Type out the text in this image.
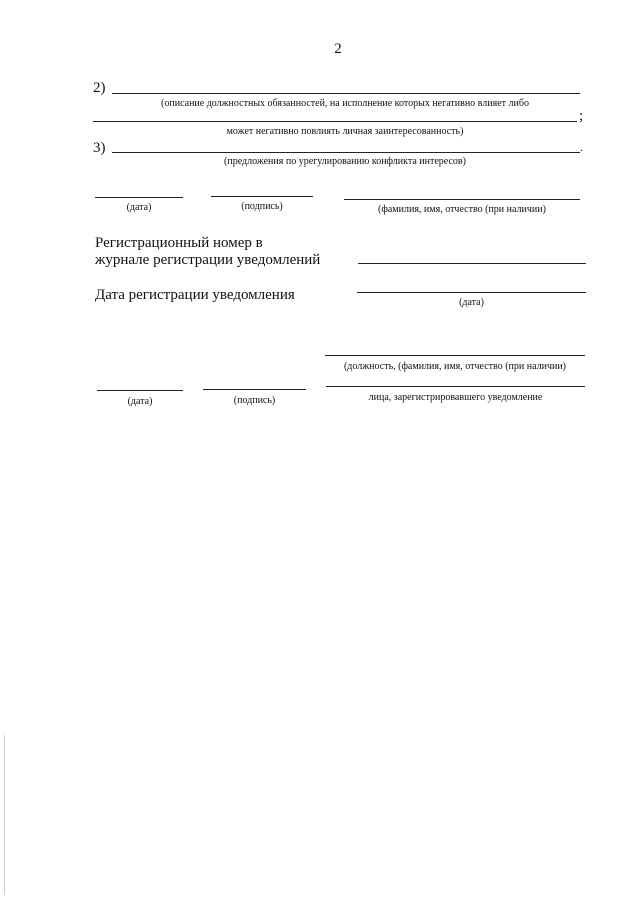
2
2)
(описание должностных обязанностей, на исполнение которых негативно влияет либо
;
может негативно повлиять личная заинтересованность)
3)	.
(предложения по урегулированию конфликта интересов)
(дата)	(подпись)	(фамилия, имя, отчество (при наличии)
Регистрационный номер в
журнале регистрации уведомлений
Дата регистрации уведомления	(дата)
(должность, (фамилия, имя, отчество (при наличии)
(дата)	(подпись)	лица, зарегистрировавшего уведомление
